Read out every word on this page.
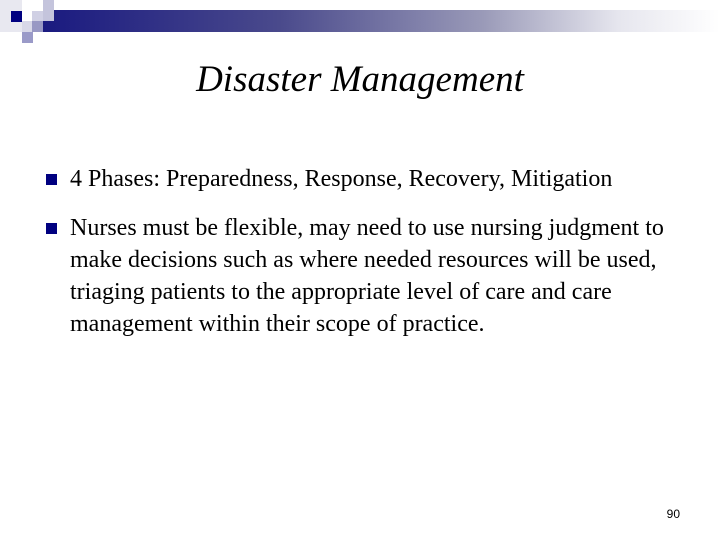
Disaster Management
4 Phases: Preparedness, Response, Recovery, Mitigation
Nurses must be flexible, may need to use nursing judgment to make decisions such as where needed resources will be used, triaging patients to the appropriate level of care and care management within their scope of practice.
90
